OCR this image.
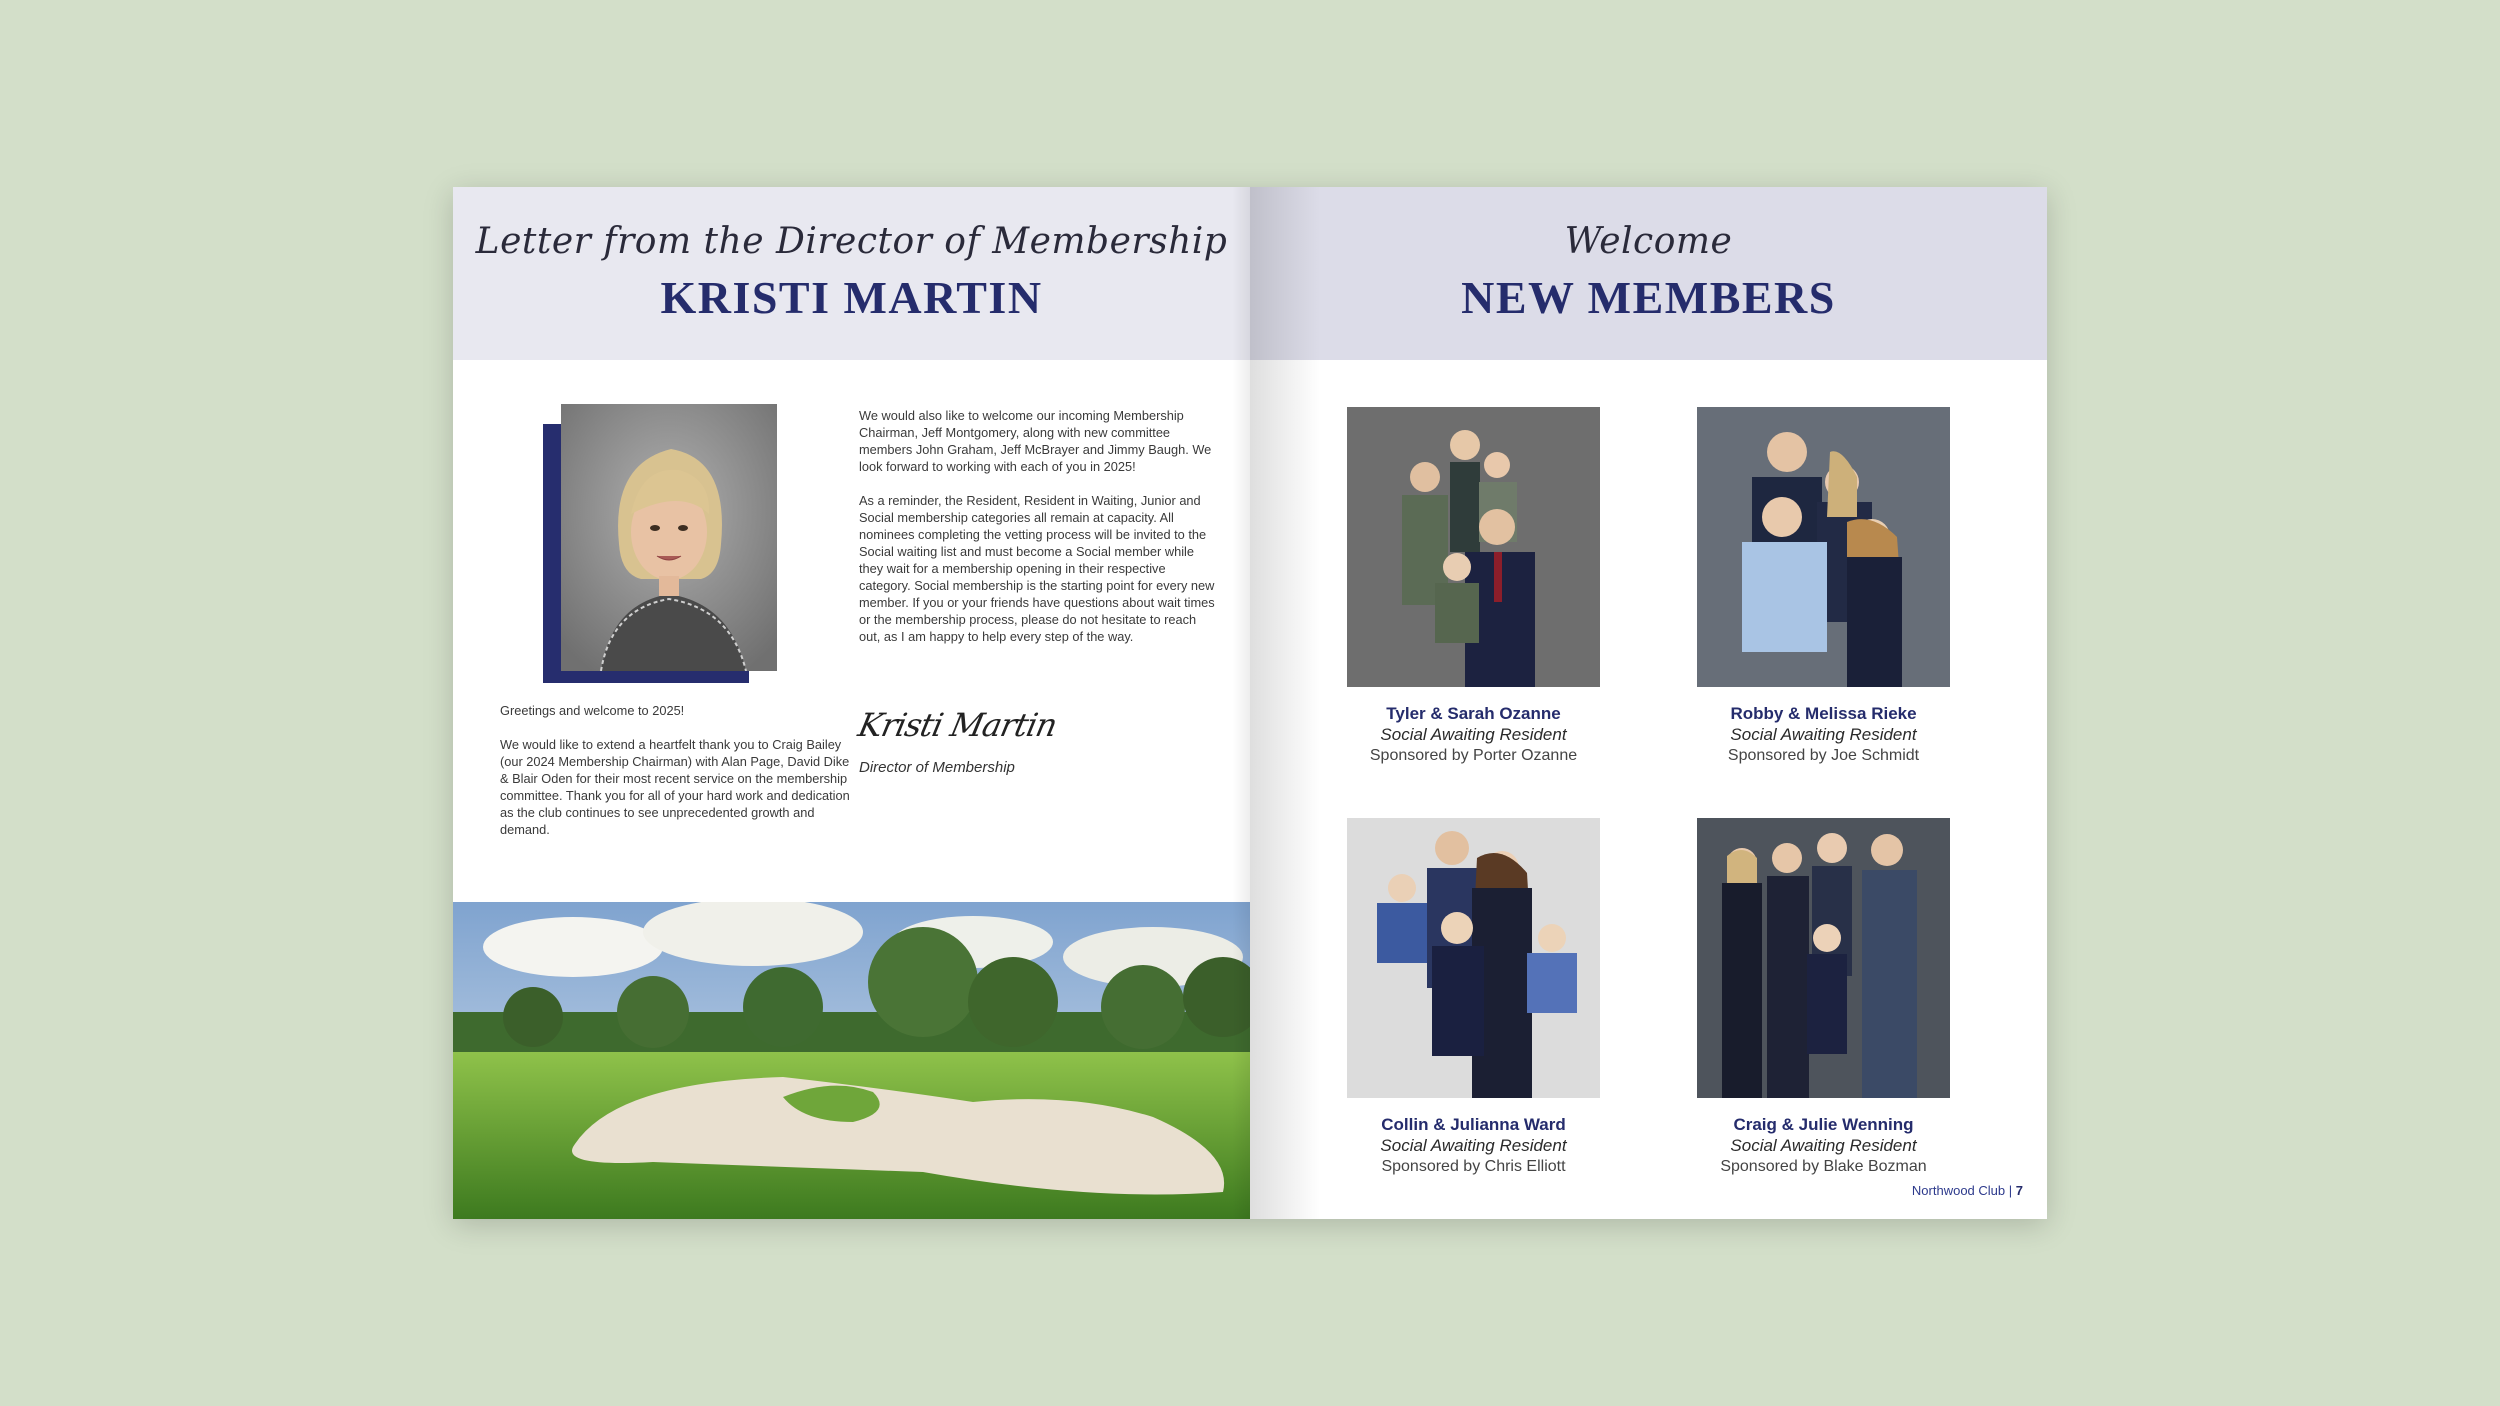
Letter from the Director of Membership
KRISTI MARTIN

Greetings and welcome to 2025!

We would like to extend a heartfelt thank you to Craig Bailey (our 2024 Membership Chairman) with Alan Page, David Dike & Blair Oden for their most recent service on the membership committee. Thank you for all of your hard work and dedication as the club continues to see unprecedented growth and demand.

We would also like to welcome our incoming Membership Chairman, Jeff Montgomery, along with new committee members John Graham, Jeff McBrayer and Jimmy Baugh. We look forward to working with each of you in 2025!

As a reminder, the Resident, Resident in Waiting, Junior and Social membership categories all remain at capacity. All nominees completing the vetting process will be invited to the Social waiting list and must become a Social member while they wait for a membership opening in their respective category. Social membership is the starting point for every new member. If you or your friends have questions about wait times or the membership process, please do not hesitate to reach out, as I am happy to help every step of the way.

Kristi Martin
Director of Membership
Welcome
NEW MEMBERS
Tyler & Sarah Ozanne
Social Awaiting Resident
Sponsored by Porter Ozanne
Robby & Melissa Rieke
Social Awaiting Resident
Sponsored by Joe Schmidt
Collin & Julianna Ward
Social Awaiting Resident
Sponsored by Chris Elliott
Craig & Julie Wenning
Social Awaiting Resident
Sponsored by Blake Bozman
Northwood Club | 7
